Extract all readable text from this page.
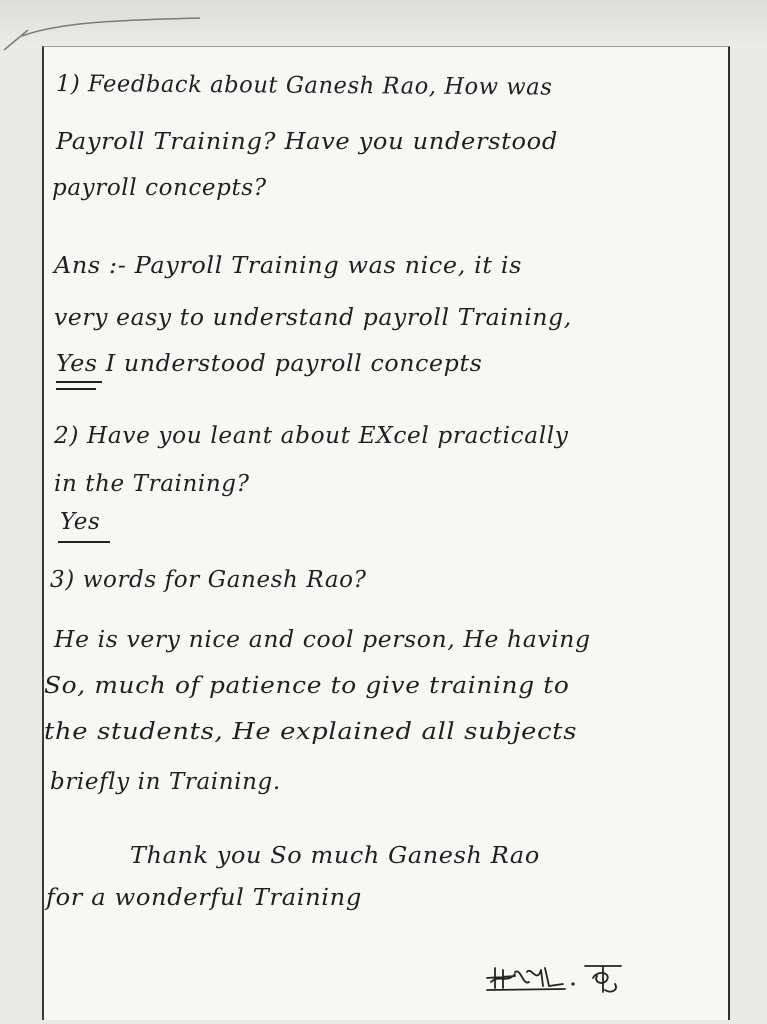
1) Feedback about Ganesh Rao, How was

Payroll Training? Have you understood

payroll concepts?

Ans :- Payroll Training was nice, it is

very easy to understand payroll Training,

Yes I understood payroll concepts

2) Have you leant about EXcel practically

in the Training?

Yes

3) words for Ganesh Rao?

He is very nice and cool person, He having

So, much of patience to give training to

the students, He explained all subjects

briefly in Training.

Thank you So much Ganesh Rao

for a wonderful Training
